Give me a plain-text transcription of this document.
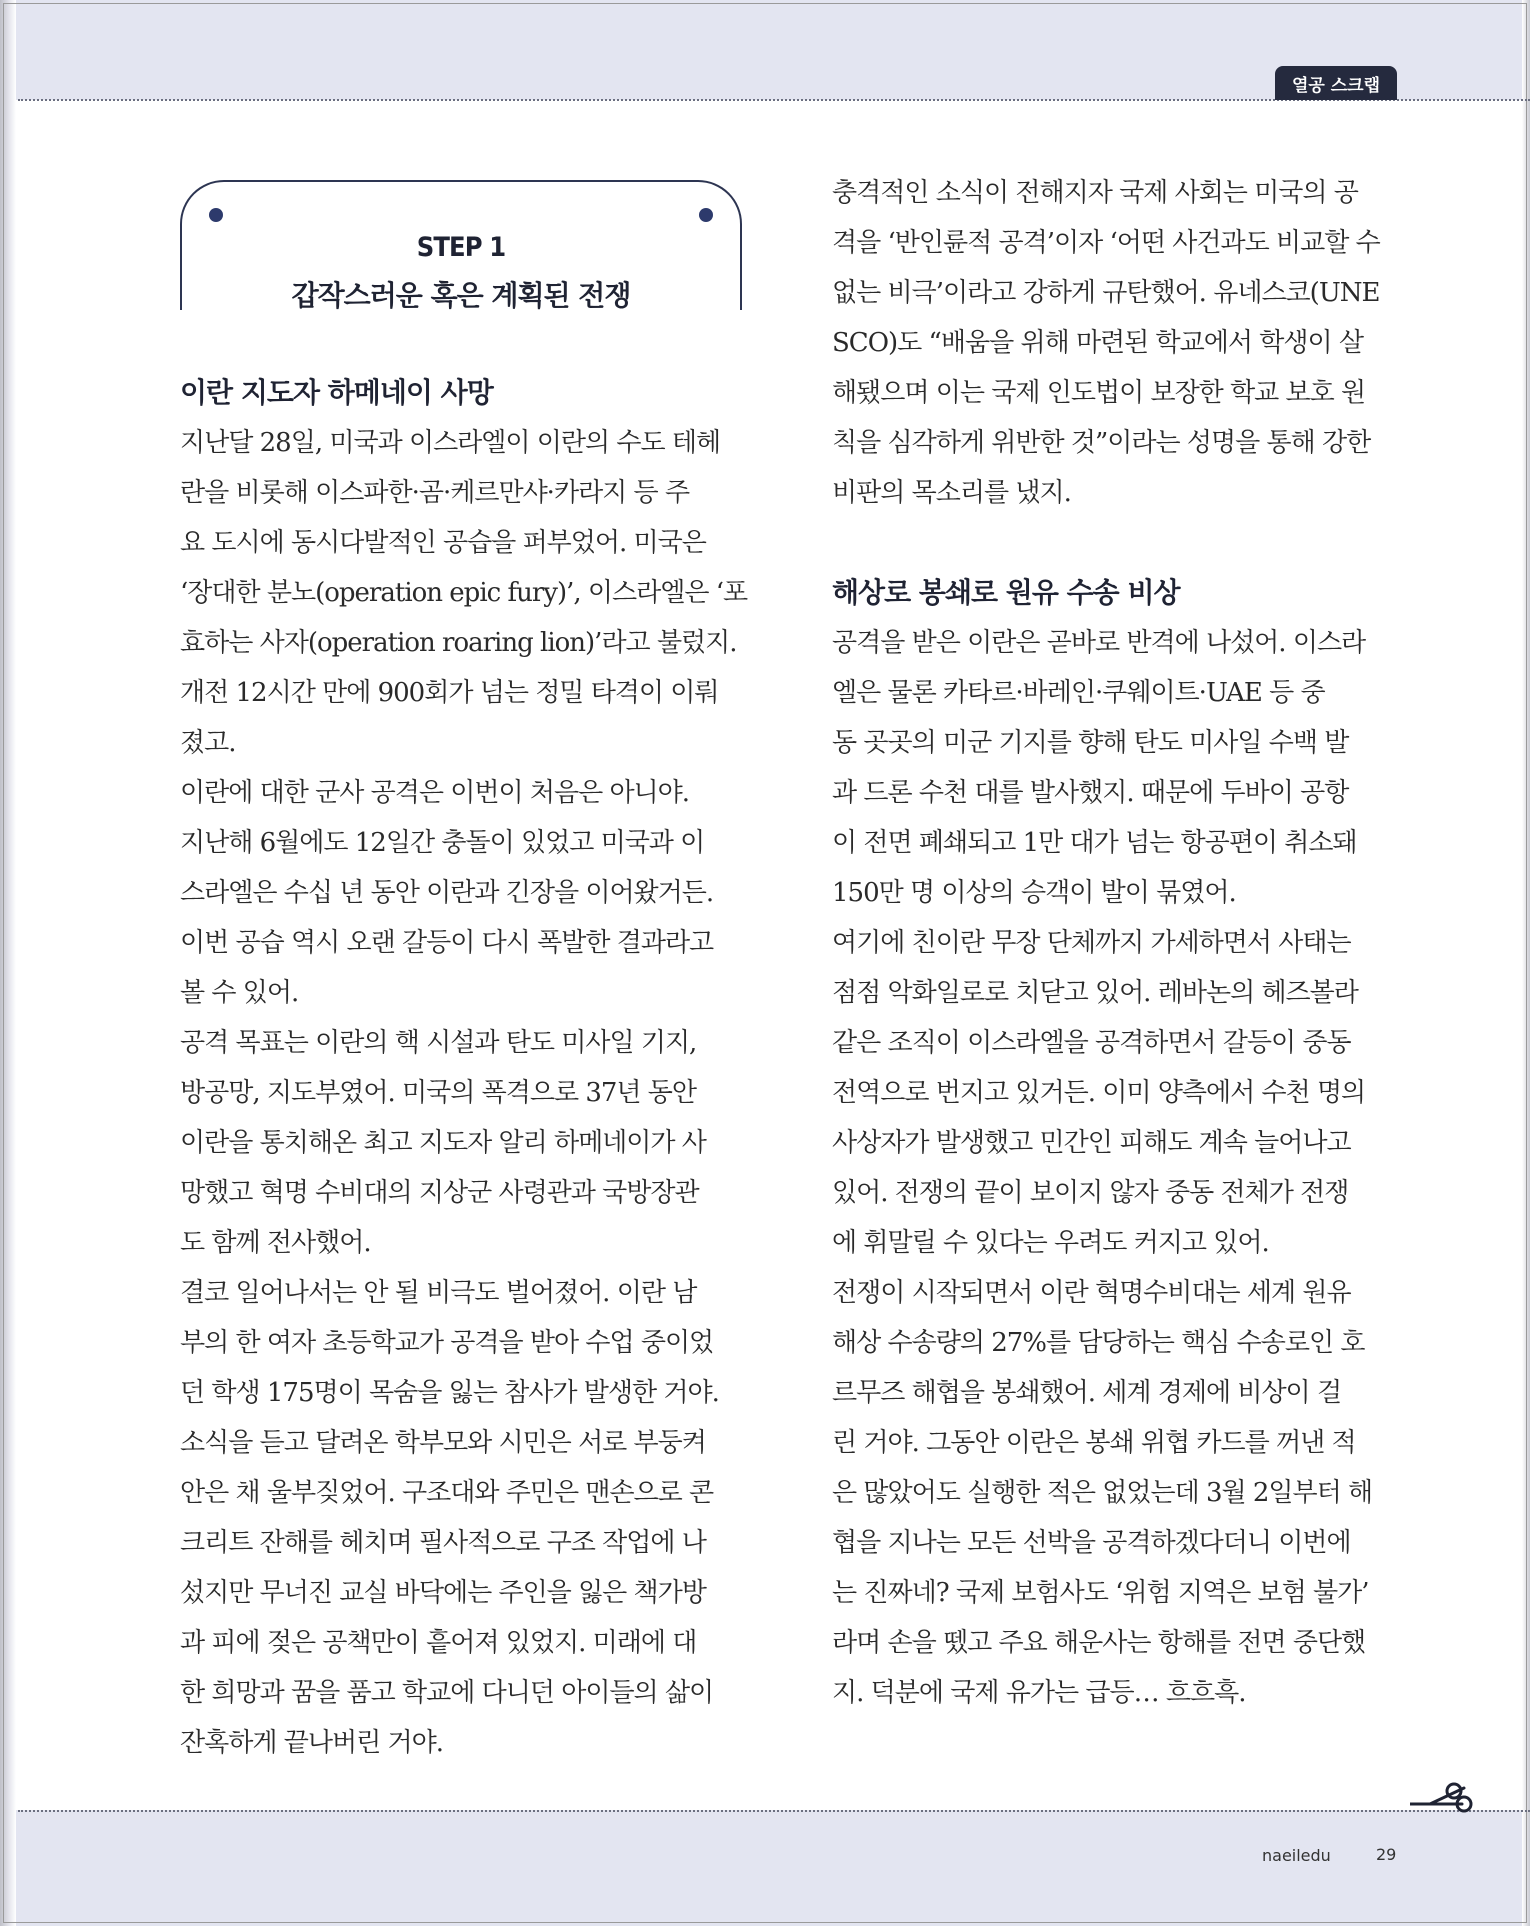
열공 스크랩
STEP 1
갑작스러운 혹은 계획된 전쟁
이란 지도자 하메네이 사망
지난달 28일, 미국과 이스라엘이 이란의 수도 테헤
란을 비롯해 이스파한·곰·케르만샤·카라지 등 주
요 도시에 동시다발적인 공습을 퍼부었어. 미국은
‘장대한 분노(operation epic fury)’, 이스라엘은 ‘포
효하는 사자(operation roaring lion)’라고 불렀지.
개전 12시간 만에 900회가 넘는 정밀 타격이 이뤄
졌고.
이란에 대한 군사 공격은 이번이 처음은 아니야.
지난해 6월에도 12일간 충돌이 있었고 미국과 이
스라엘은 수십 년 동안 이란과 긴장을 이어왔거든.
이번 공습 역시 오랜 갈등이 다시 폭발한 결과라고
볼 수 있어.
공격 목표는 이란의 핵 시설과 탄도 미사일 기지,
방공망, 지도부였어. 미국의 폭격으로 37년 동안
이란을 통치해온 최고 지도자 알리 하메네이가 사
망했고 혁명 수비대의 지상군 사령관과 국방장관
도 함께 전사했어.
결코 일어나서는 안 될 비극도 벌어졌어. 이란 남
부의 한 여자 초등학교가 공격을 받아 수업 중이었
던 학생 175명이 목숨을 잃는 참사가 발생한 거야.
소식을 듣고 달려온 학부모와 시민은 서로 부둥켜
안은 채 울부짖었어. 구조대와 주민은 맨손으로 콘
크리트 잔해를 헤치며 필사적으로 구조 작업에 나
섰지만 무너진 교실 바닥에는 주인을 잃은 책가방
과 피에 젖은 공책만이 흩어져 있었지. 미래에 대
한 희망과 꿈을 품고 학교에 다니던 아이들의 삶이
잔혹하게 끝나버린 거야.
충격적인 소식이 전해지자 국제 사회는 미국의 공
격을 ‘반인륜적 공격’이자 ‘어떤 사건과도 비교할 수
없는 비극’이라고 강하게 규탄했어. 유네스코(UNE
SCO)도 “배움을 위해 마련된 학교에서 학생이 살
해됐으며 이는 국제 인도법이 보장한 학교 보호 원
칙을 심각하게 위반한 것”이라는 성명을 통해 강한
비판의 목소리를 냈지.
해상로 봉쇄로 원유 수송 비상
공격을 받은 이란은 곧바로 반격에 나섰어. 이스라
엘은 물론 카타르·바레인·쿠웨이트·UAE 등 중
동 곳곳의 미군 기지를 향해 탄도 미사일 수백 발
과 드론 수천 대를 발사했지. 때문에 두바이 공항
이 전면 폐쇄되고 1만 대가 넘는 항공편이 취소돼
150만 명 이상의 승객이 발이 묶였어.
여기에 친이란 무장 단체까지 가세하면서 사태는
점점 악화일로로 치닫고 있어. 레바논의 헤즈볼라
같은 조직이 이스라엘을 공격하면서 갈등이 중동
전역으로 번지고 있거든. 이미 양측에서 수천 명의
사상자가 발생했고 민간인 피해도 계속 늘어나고
있어. 전쟁의 끝이 보이지 않자 중동 전체가 전쟁
에 휘말릴 수 있다는 우려도 커지고 있어.
전쟁이 시작되면서 이란 혁명수비대는 세계 원유
해상 수송량의 27%를 담당하는 핵심 수송로인 호
르무즈 해협을 봉쇄했어. 세계 경제에 비상이 걸
린 거야. 그동안 이란은 봉쇄 위협 카드를 꺼낸 적
은 많았어도 실행한 적은 없었는데 3월 2일부터 해
협을 지나는 모든 선박을 공격하겠다더니 이번에
는 진짜네? 국제 보험사도 ‘위험 지역은 보험 불가’
라며 손을 뗐고 주요 해운사는 항해를 전면 중단했
지. 덕분에 국제 유가는 급등… 흐흐흑.
naeiledu	29
